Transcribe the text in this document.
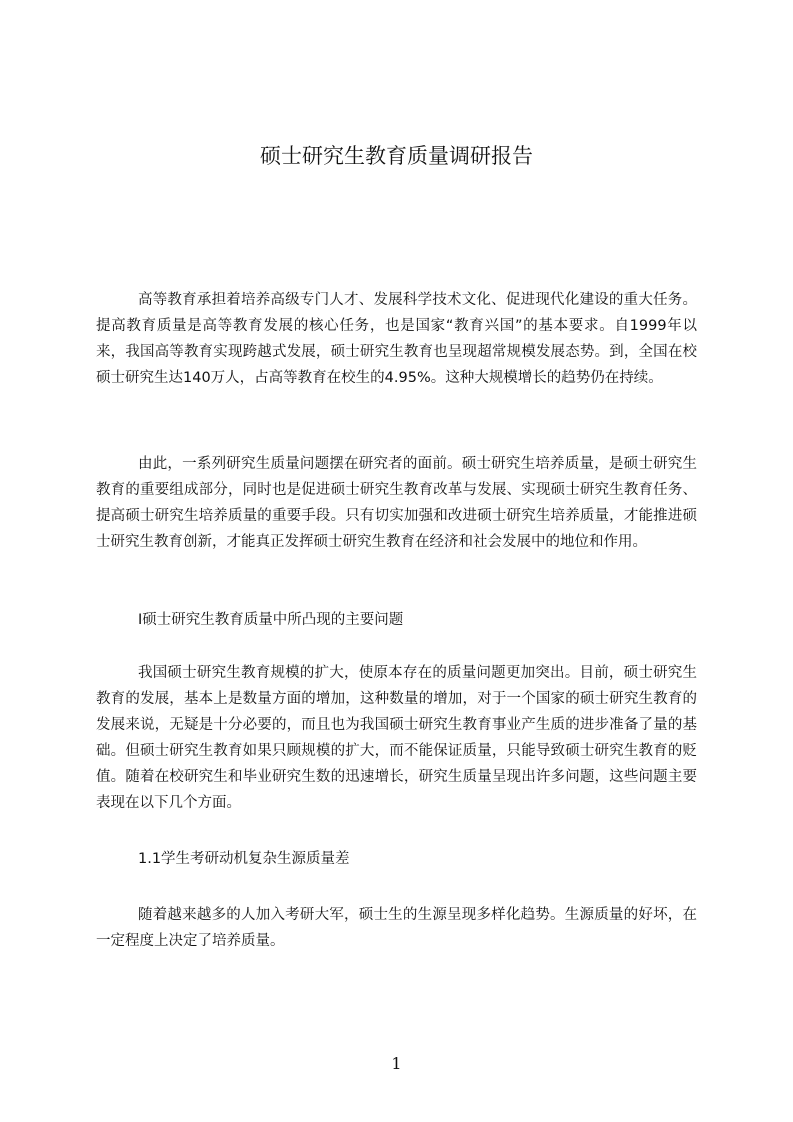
硕士研究生教育质量调研报告

高等教育承担着培养高级专门人才、发展科学技术文化、促进现代化建设的重大任务。提高教育质量是高等教育发展的核心任务，也是国家“教育兴国”的基本要求。自1999年以来，我国高等教育实现跨越式发展，硕士研究生教育也呈现超常规模发展态势。到，全国在校硕士研究生达140万人，占高等教育在校生的4.95%。这种大规模增长的趋势仍在持续。

由此，一系列研究生质量问题摆在研究者的面前。硕士研究生培养质量，是硕士研究生教育的重要组成部分，同时也是促进硕士研究生教育改革与发展、实现硕士研究生教育任务、提高硕士研究生培养质量的重要手段。只有切实加强和改进硕士研究生培养质量，才能推进硕士研究生教育创新，才能真正发挥硕士研究生教育在经济和社会发展中的地位和作用。

Ⅰ硕士研究生教育质量中所凸现的主要问题

我国硕士研究生教育规模的扩大，使原本存在的质量问题更加突出。目前，硕士研究生教育的发展，基本上是数量方面的增加，这种数量的增加，对于一个国家的硕士研究生教育的发展来说，无疑是十分必要的，而且也为我国硕士研究生教育事业产生质的进步准备了量的基础。但硕士研究生教育如果只顾规模的扩大，而不能保证质量，只能导致硕士研究生教育的贬值。随着在校研究生和毕业研究生数的迅速增长，研究生质量呈现出许多问题，这些问题主要表现在以下几个方面。

1.1学生考研动机复杂生源质量差

随着越来越多的人加入考研大军，硕士生的生源呈现多样化趋势。生源质量的好坏，在一定程度上决定了培养质量。

1
